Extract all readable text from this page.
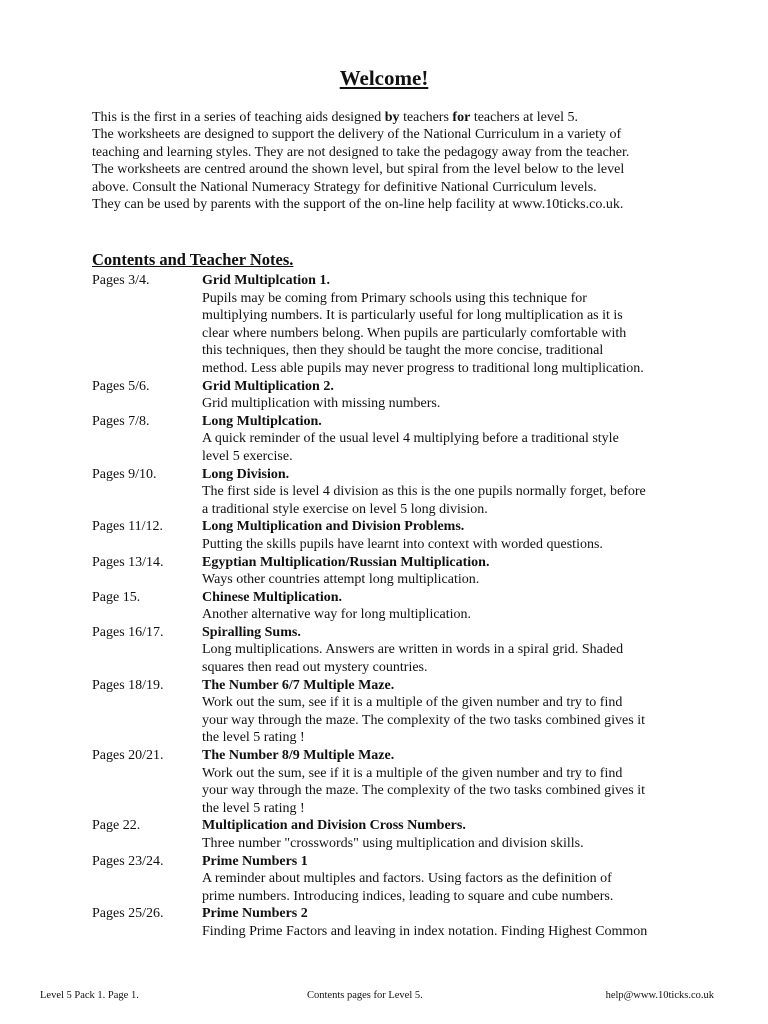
Welcome!

This is the first in a series of teaching aids designed by teachers for teachers at level 5.

The worksheets are designed to support the delivery of the National Curriculum in a variety of

teaching and learning styles. They are not designed to take the pedagogy away from the teacher.

The worksheets are centred around the shown level, but spiral from the level below to the level

above. Consult the National Numeracy Strategy for definitive National Curriculum levels.

They can be used by parents with the support of the on-line help facility at www.10ticks.co.uk.

Contents and Teacher Notes.
Pages 3/4.	Grid Multiplcation 1.
Pupils may be coming from Primary schools using this technique for
multiplying numbers. It is particularly useful for long multiplication as it is
clear where numbers belong. When pupils are particularly comfortable with
this techniques, then they should be taught the more concise, traditional
method. Less able pupils may never progress to traditional long multiplication.
Pages 5/6.	Grid Multiplication 2.
Grid multiplication with missing numbers.
Pages 7/8.	Long Multiplcation.
A quick reminder of the usual level 4 multiplying before a traditional style
level 5 exercise.
Pages 9/10.	Long Division.
The first side is level 4 division as this is the one pupils normally forget, before
a traditional style exercise on level 5 long division.
Pages 11/12.	Long Multiplication and Division Problems.
Putting the skills pupils have learnt into context with worded questions.
Pages 13/14.	Egyptian Multiplication/Russian Multiplication.
Ways other countries attempt long multiplication.
Page 15.	Chinese Multiplication.
Another alternative way for long multiplication.
Pages 16/17.	Spiralling Sums.
Long multiplications. Answers are written in words in a spiral grid. Shaded
squares then read out mystery countries.
Pages 18/19.	The Number 6/7 Multiple Maze.
Work out the sum, see if it is a multiple of the given number and try to find
your way through the maze. The complexity of the two tasks combined gives it
the level 5 rating !
Pages 20/21.	The Number 8/9 Multiple Maze.
Work out the sum, see if it is a multiple of the given number and try to find
your way through the maze. The complexity of the two tasks combined gives it
the level 5 rating !
Page 22.	Multiplication and Division Cross Numbers.
Three number "crosswords" using multiplication and division skills.
Pages 23/24.	Prime Numbers 1
A reminder about multiples and factors. Using factors as the definition of
prime numbers. Introducing indices, leading to square and cube numbers.
Pages 25/26.	Prime Numbers 2
Finding Prime Factors and leaving in index notation. Finding Highest Common
Level 5 Pack 1. Page 1.	Contents pages for Level 5.	help@www.10ticks.co.uk
